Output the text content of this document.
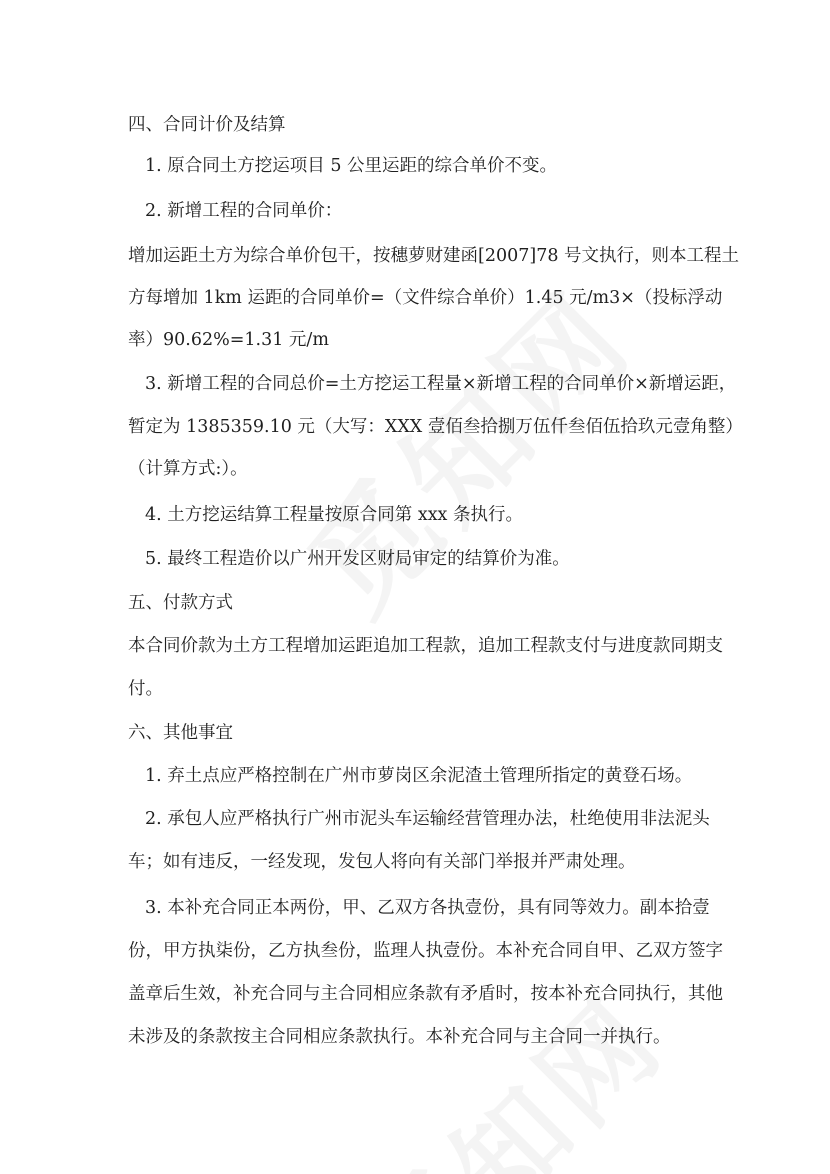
四、合同计价及结算
1. 原合同土方挖运项目 5 公里运距的综合单价不变。
2. 新增工程的合同单价：
增加运距土方为综合单价包干，按穗萝财建函[2007]78 号文执行，则本工程土
方每增加 1km 运距的合同单价=（文件综合单价）1.45 元/m3×（投标浮动
率）90.62%=1.31 元/m
3. 新增工程的合同总价=土方挖运工程量×新增工程的合同单价×新增运距，
暂定为 1385359.10 元（大写：XXX 壹佰叁拾捌万伍仟叁佰伍拾玖元壹角整）
（计算方式:）。
4. 土方挖运结算工程量按原合同第 xxx 条执行。
5. 最终工程造价以广州开发区财局审定的结算价为准。
五、付款方式
本合同价款为土方工程增加运距追加工程款，追加工程款支付与进度款同期支
付。
六、其他事宜
1. 弃土点应严格控制在广州市萝岗区余泥渣土管理所指定的黄登石场。
2. 承包人应严格执行广州市泥头车运输经营管理办法，杜绝使用非法泥头
车；如有违反，一经发现，发包人将向有关部门举报并严肃处理。
3. 本补充合同正本两份，甲、乙双方各执壹份，具有同等效力。副本拾壹
份，甲方执柒份，乙方执叁份，监理人执壹份。本补充合同自甲、乙双方签字
盖章后生效，补充合同与主合同相应条款有矛盾时，按本补充合同执行，其他
未涉及的条款按主合同相应条款执行。本补充合同与主合同一并执行。
